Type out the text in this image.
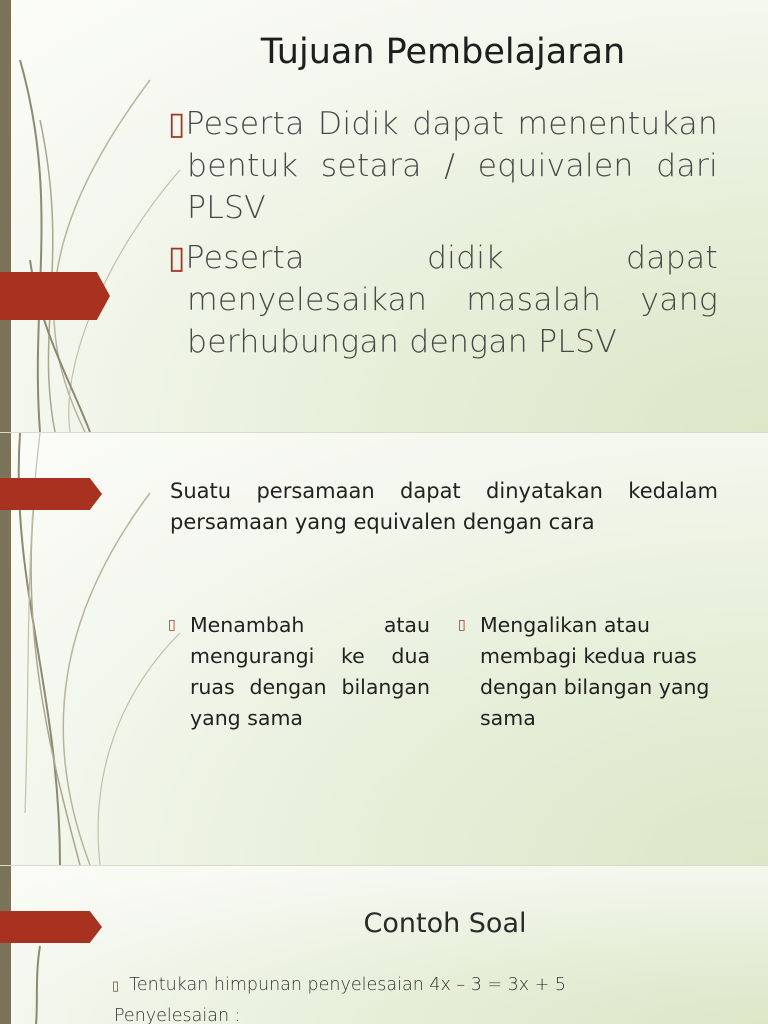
Tujuan Pembelajaran
▯Peserta Didik dapat menentukan bentuk setara / equivalen dari PLSV
▯Peserta didik dapat menyelesaikan masalah yang berhubungan dengan PLSV
Suatu persamaan dapat dinyatakan kedalam persamaan yang equivalen dengan cara
▯ Menambah atau mengurangi ke dua ruas dengan bilangan yang sama
▯ Mengalikan atau membagi kedua ruas dengan bilangan yang sama
Contoh Soal
▯ Tentukan himpunan penyelesaian 4x – 3 = 3x + 5
Penyelesaian :
